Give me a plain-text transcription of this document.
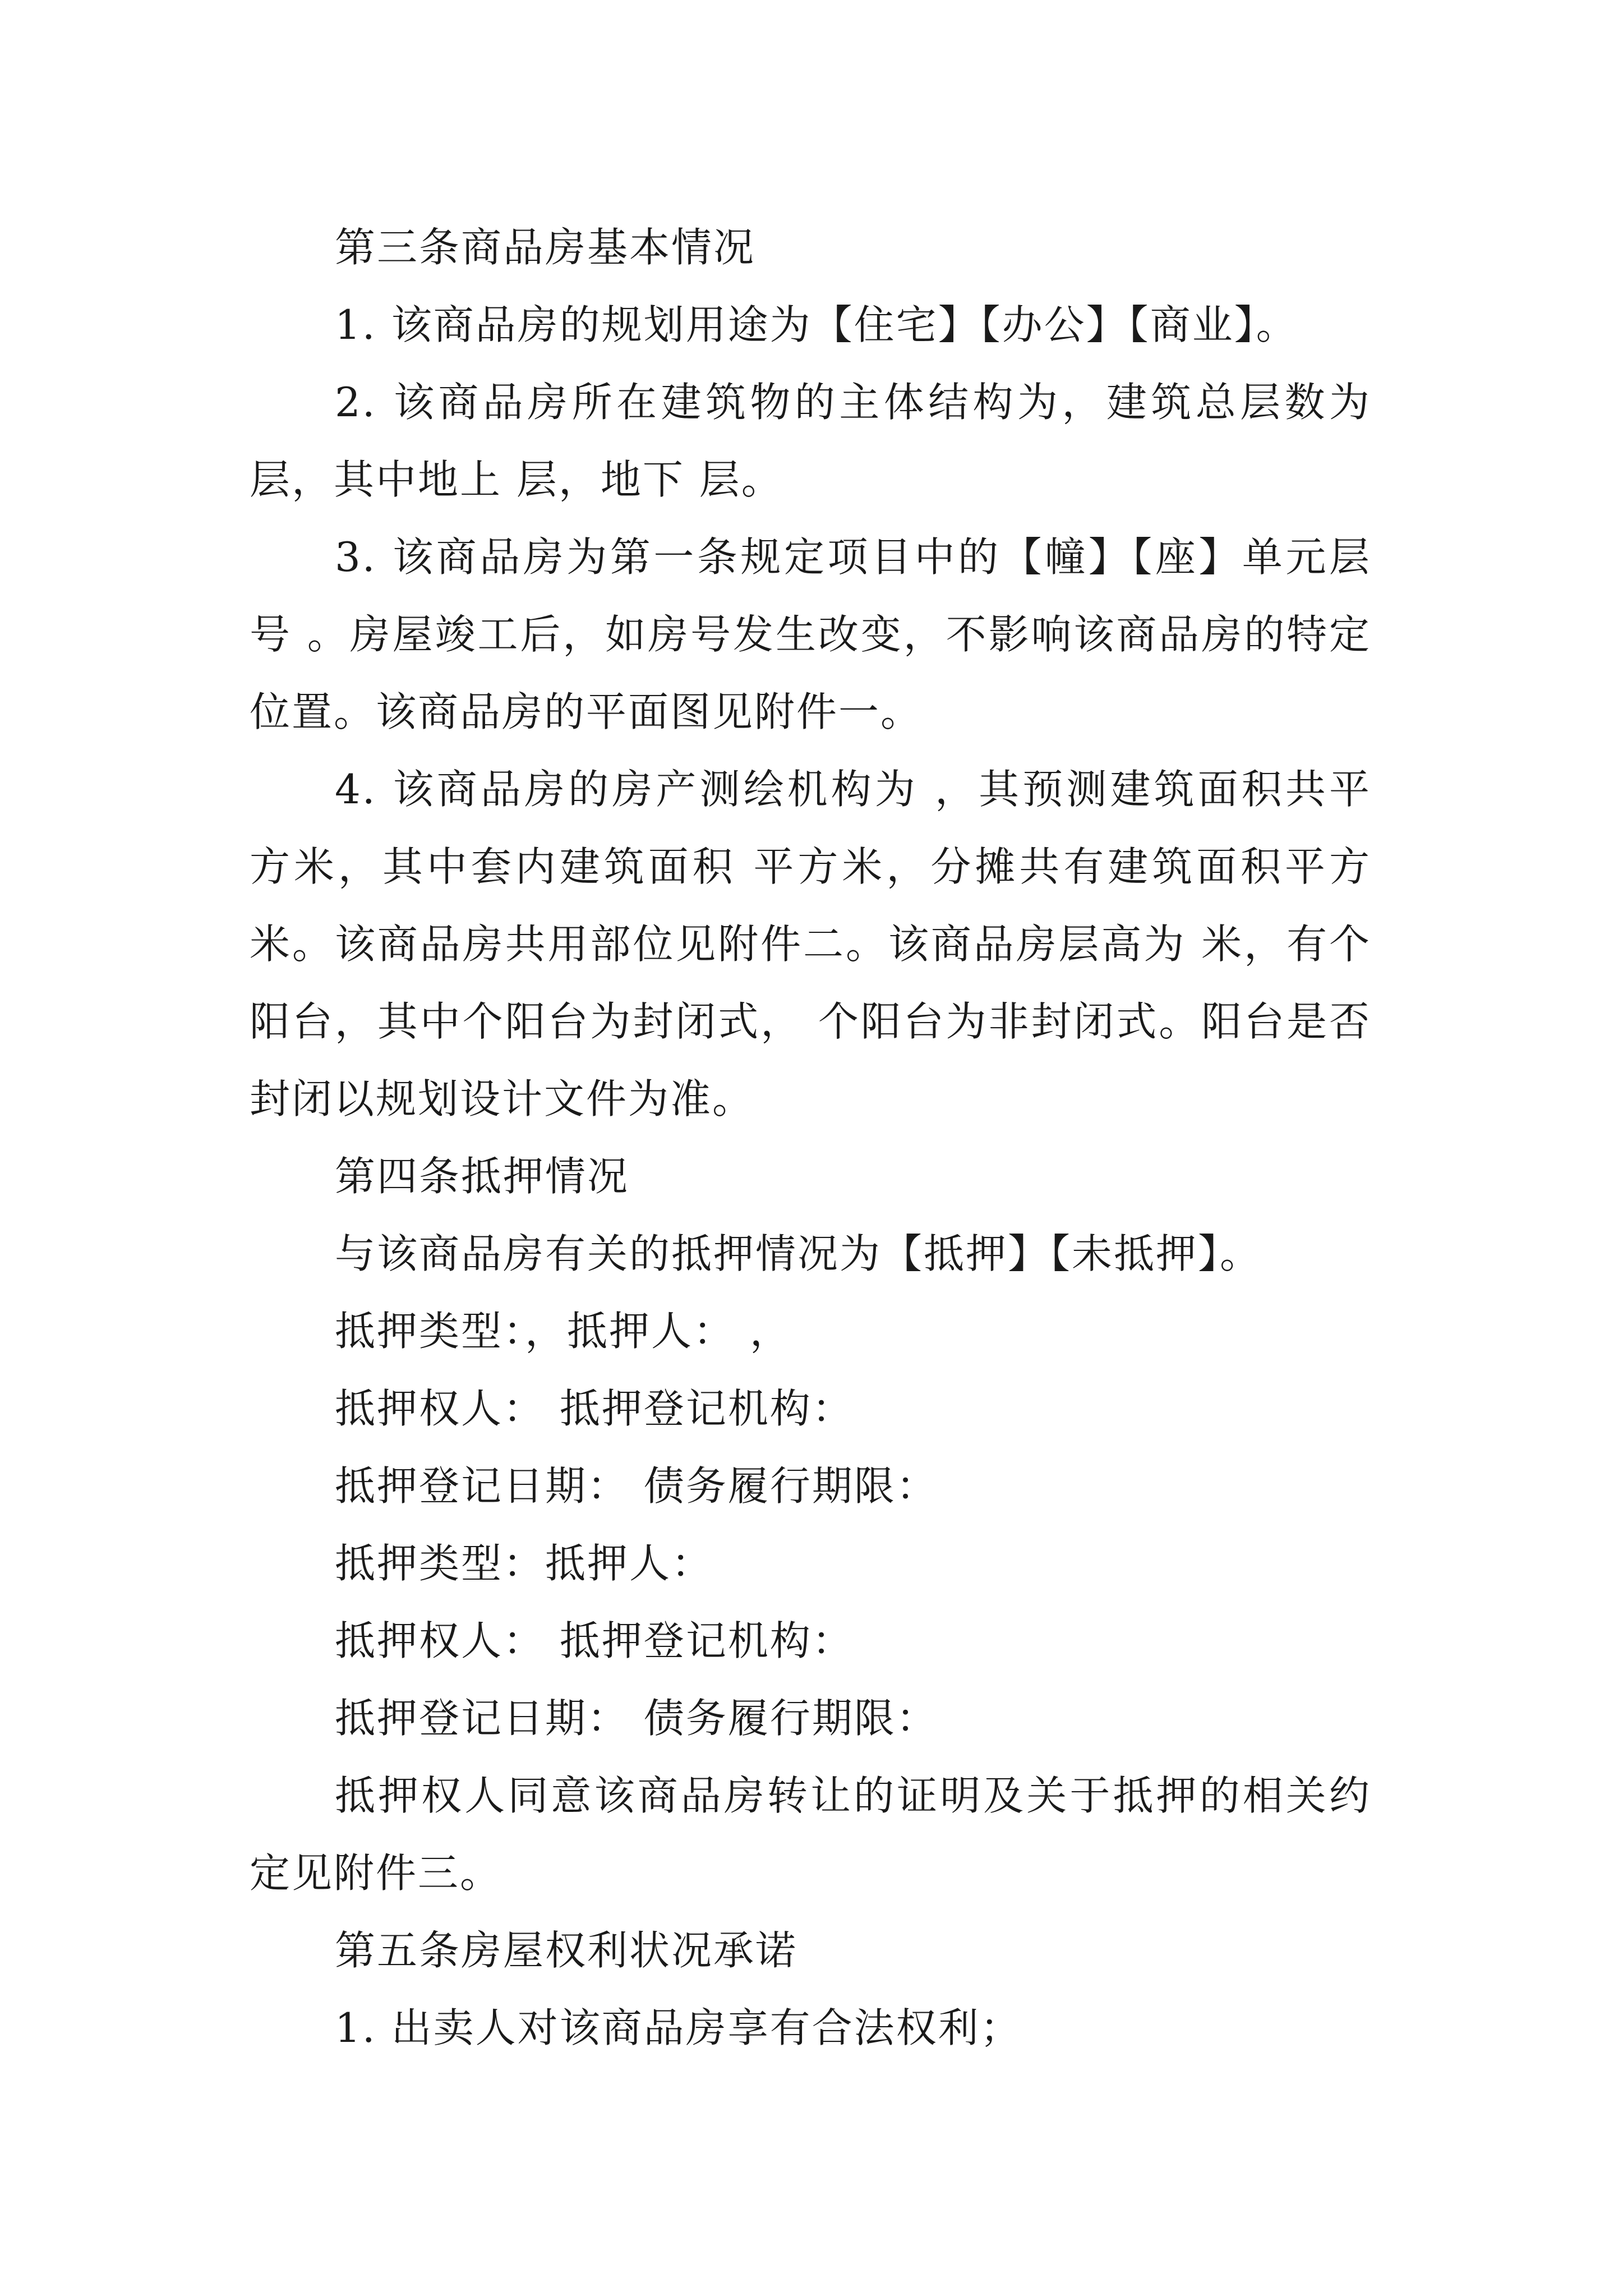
第三条商品房基本情况

1. 该商品房的规划用途为【住宅】【办公】【商业】。

2. 该商品房所在建筑物的主体结构为，建筑总层数为层，其中地上 层，地下 层。

3. 该商品房为第一条规定项目中的【幢】【座】单元层号 。房屋竣工后，如房号发生改变，不影响该商品房的特定位置。该商品房的平面图见附件一。

4. 该商品房的房产测绘机构为 ，其预测建筑面积共平方米，其中套内建筑面积 平方米，分摊共有建筑面积平方米。该商品房共用部位见附件二。该商品房层高为 米，有个阳台，其中个阳台为封闭式， 个阳台为非封闭式。阳台是否封闭以规划设计文件为准。

第四条抵押情况

与该商品房有关的抵押情况为【抵押】【未抵押】。

抵押类型：，抵押人： ，

抵押权人： 抵押登记机构：

抵押登记日期： 债务履行期限：

抵押类型：抵押人：

抵押权人： 抵押登记机构：

抵押登记日期： 债务履行期限：

抵押权人同意该商品房转让的证明及关于抵押的相关约定见附件三。

第五条房屋权利状况承诺

1. 出卖人对该商品房享有合法权利；
